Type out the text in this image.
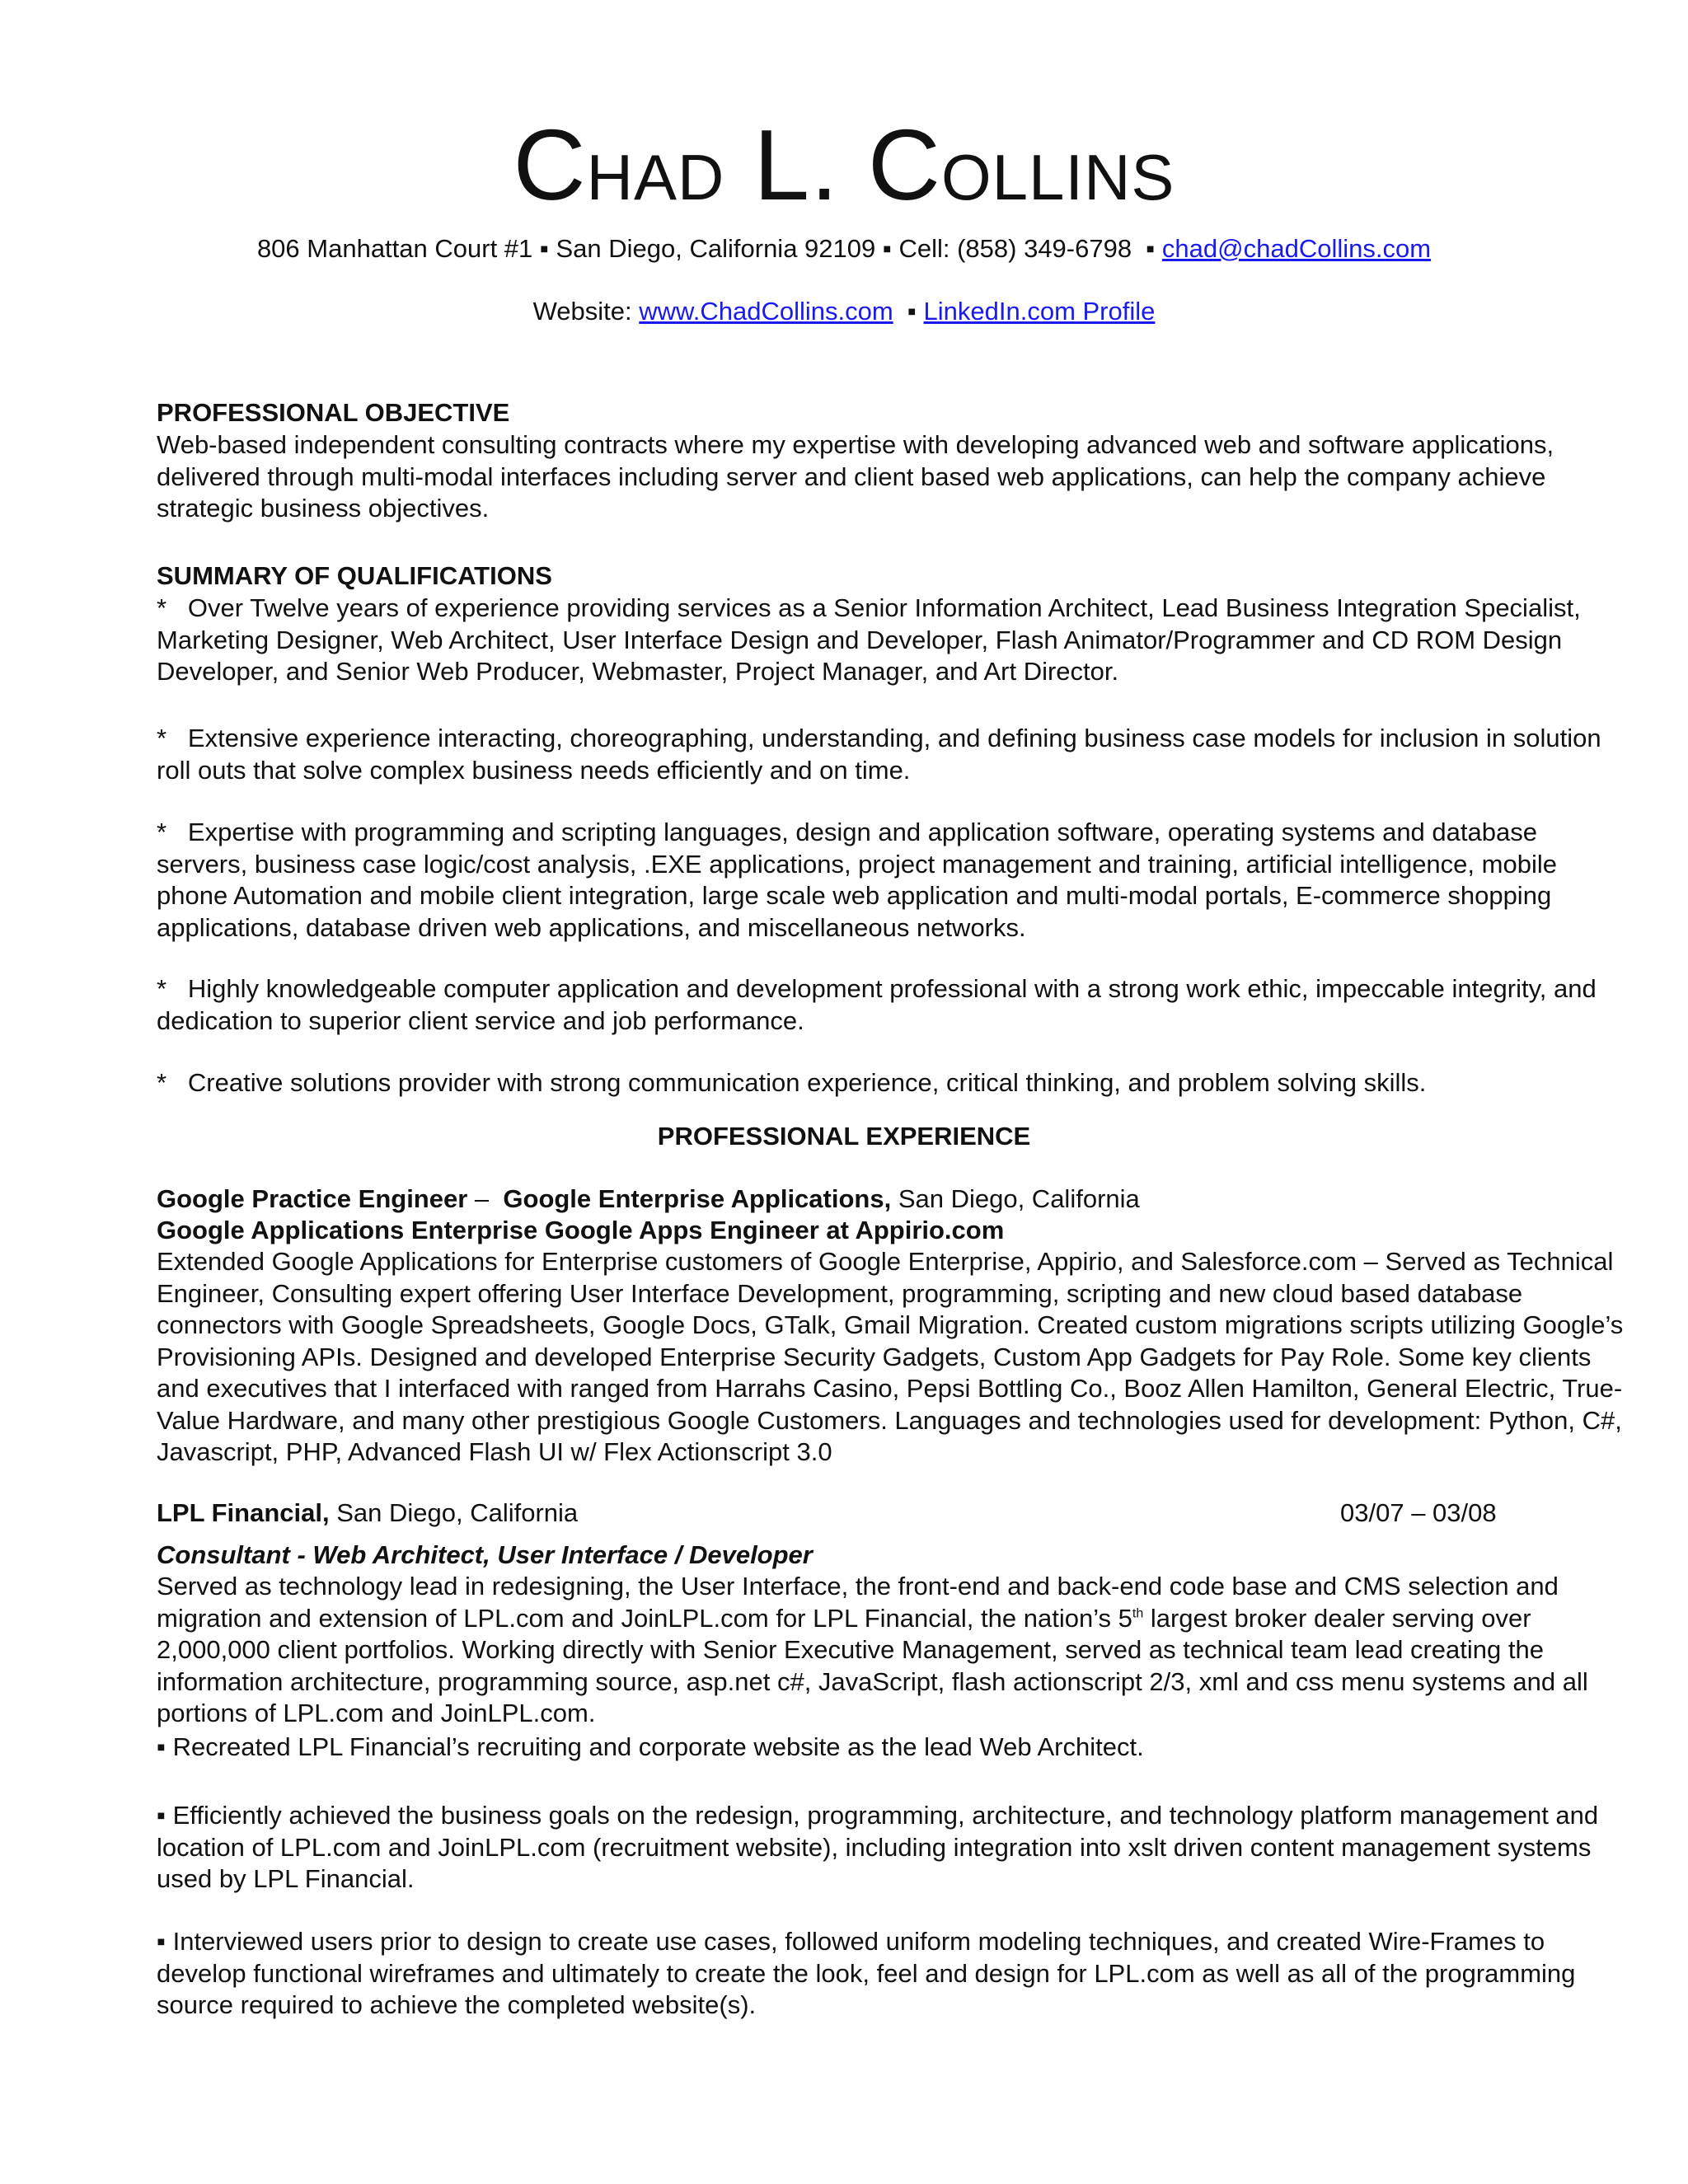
CHAD L. COLLINS
806 Manhattan Court #1 ▪ San Diego, California 92109 ▪ Cell: (858) 349-6798  ▪ chad@chadCollins.com
Website: www.ChadCollins.com ▪ LinkedIn.com Profile
PROFESSIONAL OBJECTIVE
Web-based independent consulting contracts where my expertise with developing advanced web and software applications, delivered through multi-modal interfaces including server and client based web applications, can help the company achieve strategic business objectives.
SUMMARY OF QUALIFICATIONS
*   Over Twelve years of experience providing services as a Senior Information Architect, Lead Business Integration Specialist, Marketing Designer, Web Architect, User Interface Design and Developer, Flash Animator/Programmer and CD ROM Design Developer, and Senior Web Producer, Webmaster, Project Manager, and Art Director.
*   Extensive experience interacting, choreographing, understanding, and defining business case models for inclusion in solution roll outs that solve complex business needs efficiently and on time.
*   Expertise with programming and scripting languages, design and application software, operating systems and database servers, business case logic/cost analysis, .EXE applications, project management and training, artificial intelligence, mobile phone Automation and mobile client integration, large scale web application and multi-modal portals, E-commerce shopping applications, database driven web applications, and miscellaneous networks.
*   Highly knowledgeable computer application and development professional with a strong work ethic, impeccable integrity, and dedication to superior client service and job performance.
*   Creative solutions provider with strong communication experience, critical thinking, and problem solving skills.
PROFESSIONAL EXPERIENCE
Google Practice Engineer –  Google Enterprise Applications, San Diego, California
Google Applications Enterprise Google Apps Engineer at Appirio.com
Extended Google Applications for Enterprise customers of Google Enterprise, Appirio, and Salesforce.com – Served as Technical Engineer, Consulting expert offering User Interface Development, programming, scripting and new cloud based database connectors with Google Spreadsheets, Google Docs, GTalk, Gmail Migration. Created custom migrations scripts utilizing Google’s Provisioning APIs. Designed and developed Enterprise Security Gadgets, Custom App Gadgets for Pay Role. Some key clients and executives that I interfaced with ranged from Harrahs Casino, Pepsi Bottling Co., Booz Allen Hamilton, General Electric, True-Value Hardware, and many other prestigious Google Customers. Languages and technologies used for development: Python, C#, Javascript, PHP, Advanced Flash UI w/ Flex Actionscript 3.0
LPL Financial, San Diego, California	03/07 – 03/08
Consultant - Web Architect, User Interface / Developer
Served as technology lead in redesigning, the User Interface, the front-end and back-end code base and CMS selection and migration and extension of LPL.com and JoinLPL.com for LPL Financial, the nation’s 5th largest broker dealer serving over 2,000,000 client portfolios. Working directly with Senior Executive Management, served as technical team lead creating the information architecture, programming source, asp.net c#, JavaScript, flash actionscript 2/3, xml and css menu systems and all portions of LPL.com and JoinLPL.com.
▪ Recreated LPL Financial’s recruiting and corporate website as the lead Web Architect.
▪ Efficiently achieved the business goals on the redesign, programming, architecture, and technology platform management and location of LPL.com and JoinLPL.com (recruitment website), including integration into xslt driven content management systems used by LPL Financial.
▪ Interviewed users prior to design to create use cases, followed uniform modeling techniques, and created Wire-Frames to develop functional wireframes and ultimately to create the look, feel and design for LPL.com as well as all of the programming source required to achieve the completed website(s).
